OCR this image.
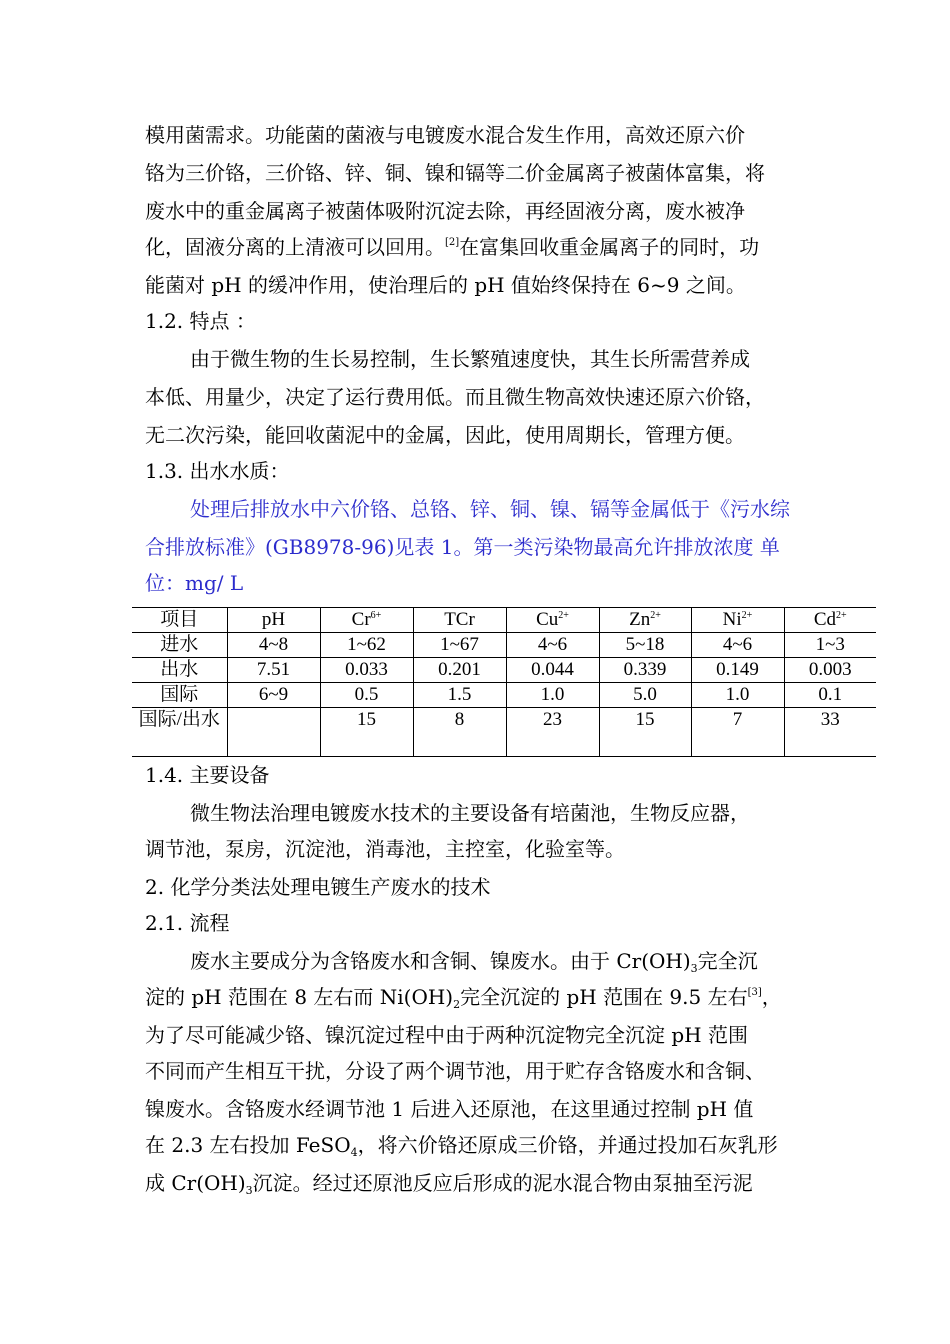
模用菌需求。功能菌的菌液与电镀废水混合发生作用，高效还原六价
铬为三价铬，三价铬、锌、铜、镍和镉等二价金属离子被菌体富集，将
废水中的重金属离子被菌体吸附沉淀去除，再经固液分离，废水被净
化，固液分离的上清液可以回用。[2]在富集回收重金属离子的同时，功
能菌对 pH 的缓冲作用，使治理后的 pH 值始终保持在 6~9 之间。
1.2. 特点 ：
由于微生物的生长易控制，生长繁殖速度快，其生长所需营养成
本低、用量少，决定了运行费用低。而且微生物高效快速还原六价铬，
无二次污染，能回收菌泥中的金属，因此，使用周期长，管理方便。
1.3. 出水水质：
处理后排放水中六价铬、总铬、锌、铜、镍、镉等金属低于《污水综
合排放标准》(GB8978-96)见表 1。第一类污染物最高允许排放浓度 单
位：mg/ L
项目	pH	$Cr^{6+}$	TCr	$Cu^{2+}$	$Zn^{2+}$	$Ni^{2+}$	$Cd^{2+}$
进水	4~8	1~62	1~67	4~6	5~18	4~6	1~3
出水	7.51	0.033	0.201	0.044	0.339	0.149	0.003
国际	6~9	0.5	1.5	1.0	5.0	1.0	0.1
国际/出水		15	8	23	15	7	33
1.4. 主要设备
微生物法治理电镀废水技术的主要设备有培菌池，生物反应器，
调节池，泵房，沉淀池，消毒池，主控室，化验室等。
2. 化学分类法处理电镀生产废水的技术
2.1. 流程
废水主要成分为含铬废水和含铜、镍废水。由于 $Cr(OH)_3$完全沉
淀的 pH 范围在 8 左右而 $Ni(OH)_2$完全沉淀的 pH 范围在 9.5 左右[3]，
为了尽可能减少铬、镍沉淀过程中由于两种沉淀物完全沉淀 pH 范围
不同而产生相互干扰，分设了两个调节池，用于贮存含铬废水和含铜、
镍废水。含铬废水经调节池 1 后进入还原池，在这里通过控制 pH 值
在 2.3 左右投加 FeSO$_4$，将六价铬还原成三价铬，并通过投加石灰乳形
成 $Cr(OH)_3$沉淀。经过还原池反应后形成的泥水混合物由泵抽至污泥
